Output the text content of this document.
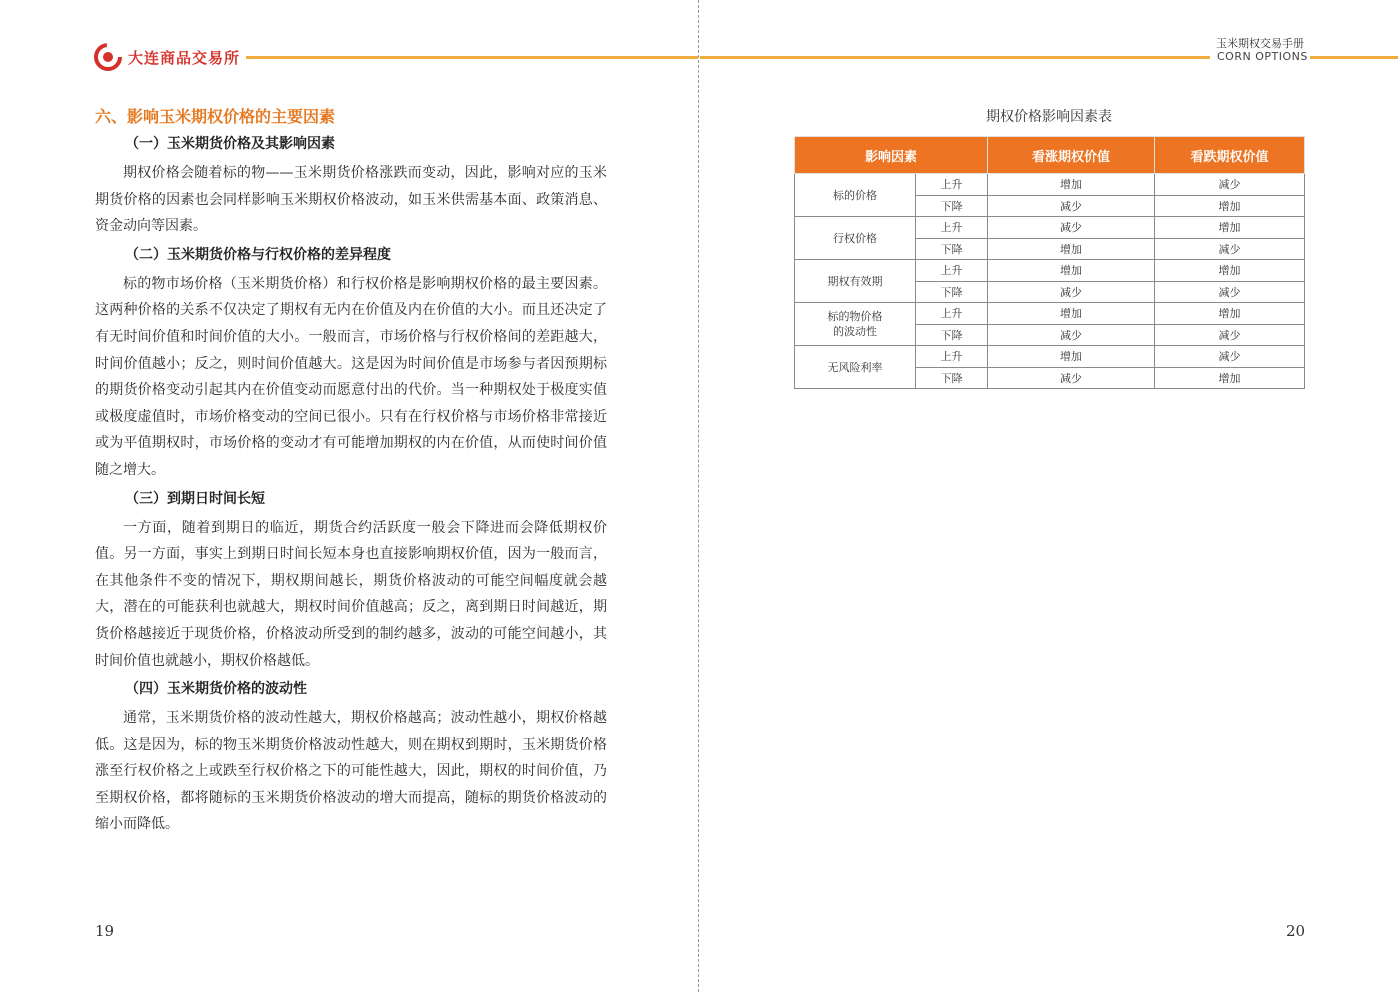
大连商品交易所
玉米期权交易手册
CORN OPTIONS
六、影响玉米期权价格的主要因素
（一）玉米期货价格及其影响因素

期权价格会随着标的物——玉米期货价格涨跌而变动，因此，影响对应的玉米期货价格的因素也会同样影响玉米期权价格波动，如玉米供需基本面、政策消息、资金动向等因素。

（二）玉米期货价格与行权价格的差异程度

标的物市场价格（玉米期货价格）和行权价格是影响期权价格的最主要因素。这两种价格的关系不仅决定了期权有无内在价值及内在价值的大小。而且还决定了有无时间价值和时间价值的大小。一般而言，市场价格与行权价格间的差距越大，时间价值越小；反之，则时间价值越大。这是因为时间价值是市场参与者因预期标的期货价格变动引起其内在价值变动而愿意付出的代价。当一种期权处于极度实值或极度虚值时，市场价格变动的空间已很小。只有在行权价格与市场价格非常接近或为平值期权时，市场价格的变动才有可能增加期权的内在价值，从而使时间价值随之增大。

（三）到期日时间长短

一方面，随着到期日的临近，期货合约活跃度一般会下降进而会降低期权价值。另一方面，事实上到期日时间长短本身也直接影响期权价值，因为一般而言，在其他条件不变的情况下，期权期间越长，期货价格波动的可能空间幅度就会越大，潜在的可能获利也就越大，期权时间价值越高；反之，离到期日时间越近，期货价格越接近于现货价格，价格波动所受到的制约越多，波动的可能空间越小，其时间价值也就越小，期权价格越低。

（四）玉米期货价格的波动性

通常，玉米期货价格的波动性越大，期权价格越高；波动性越小，期权价格越低。这是因为，标的物玉米期货价格波动性越大，则在期权到期时，玉米期货价格涨至行权价格之上或跌至行权价格之下的可能性越大，因此，期权的时间价值，乃至期权价格，都将随标的玉米期货价格波动的增大而提高，随标的期货价格波动的缩小而降低。

19
期权价格影响因素表
影响因素		看涨期权价值	看跌期权价值
标的价格	上升	增加	减少
	下降	减少	增加
行权价格	上升	减少	增加
	下降	增加	减少
期权有效期	上升	增加	增加
	下降	减少	减少
标的物价格的波动性	上升	增加	增加
	下降	减少	减少
无风险利率	上升	增加	减少
	下降	减少	增加
20
